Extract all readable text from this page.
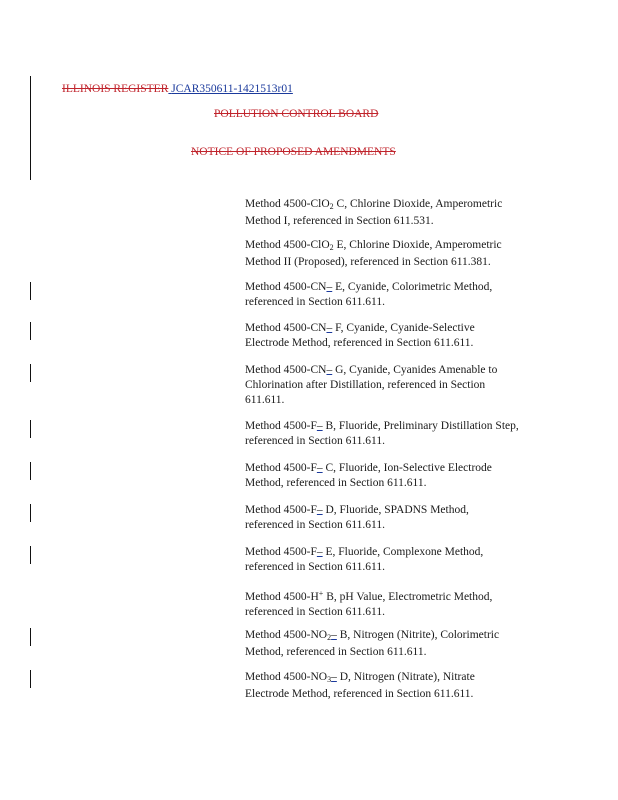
ILLINOIS REGISTER JCAR350611-1421513r01
POLLUTION CONTROL BOARD
NOTICE OF PROPOSED AMENDMENTS
Method 4500-ClO$_2$ C, Chlorine Dioxide, Amperometric
Method I, referenced in Section 611.531.
Method 4500-ClO$_2$ E, Chlorine Dioxide, Amperometric
Method II (Proposed), referenced in Section 611.381.
Method 4500-CN– E, Cyanide, Colorimetric Method,
referenced in Section 611.611.
Method 4500-CN– F, Cyanide, Cyanide-Selective
Electrode Method, referenced in Section 611.611.
Method 4500-CN– G, Cyanide, Cyanides Amenable to
Chlorination after Distillation, referenced in Section
611.611.
Method 4500-F– B, Fluoride, Preliminary Distillation Step,
referenced in Section 611.611.
Method 4500-F– C, Fluoride, Ion-Selective Electrode
Method, referenced in Section 611.611.
Method 4500-F– D, Fluoride, SPADNS Method,
referenced in Section 611.611.
Method 4500-F– E, Fluoride, Complexone Method,
referenced in Section 611.611.
Method 4500-H+ B, pH Value, Electrometric Method,
referenced in Section 611.611.
Method $4500-NO_2-$ B, Nitrogen (Nitrite), Colorimetric
Method, referenced in Section 611.611.
Method $4500-NO_3-$ D, Nitrogen (Nitrate), Nitrate
Electrode Method, referenced in Section 611.611.
